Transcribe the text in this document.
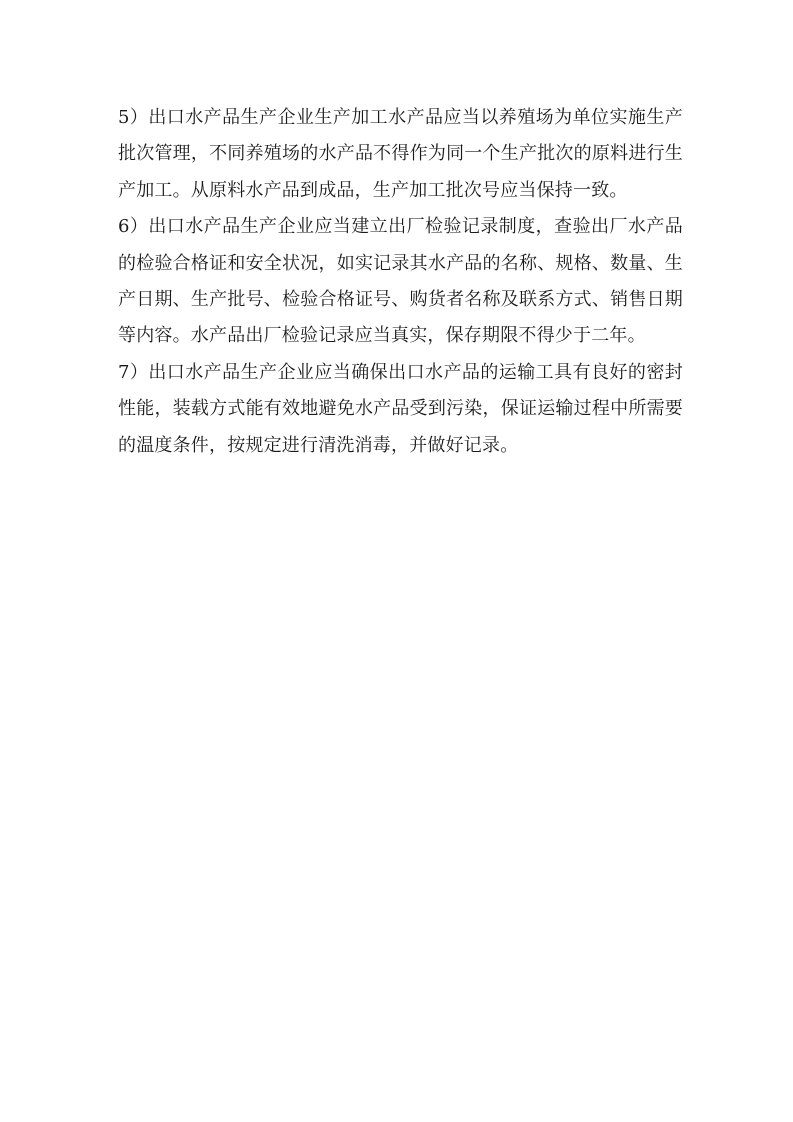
5）出口水产品生产企业生产加工水产品应当以养殖场为单位实施生产批次管理，不同养殖场的水产品不得作为同一个生产批次的原料进行生产加工。从原料水产品到成品，生产加工批次号应当保持一致。

6）出口水产品生产企业应当建立出厂检验记录制度，查验出厂水产品的检验合格证和安全状况，如实记录其水产品的名称、规格、数量、生产日期、生产批号、检验合格证号、购货者名称及联系方式、销售日期等内容。水产品出厂检验记录应当真实，保存期限不得少于二年。

7）出口水产品生产企业应当确保出口水产品的运输工具有良好的密封性能，装载方式能有效地避免水产品受到污染，保证运输过程中所需要的温度条件，按规定进行清洗消毒，并做好记录。
